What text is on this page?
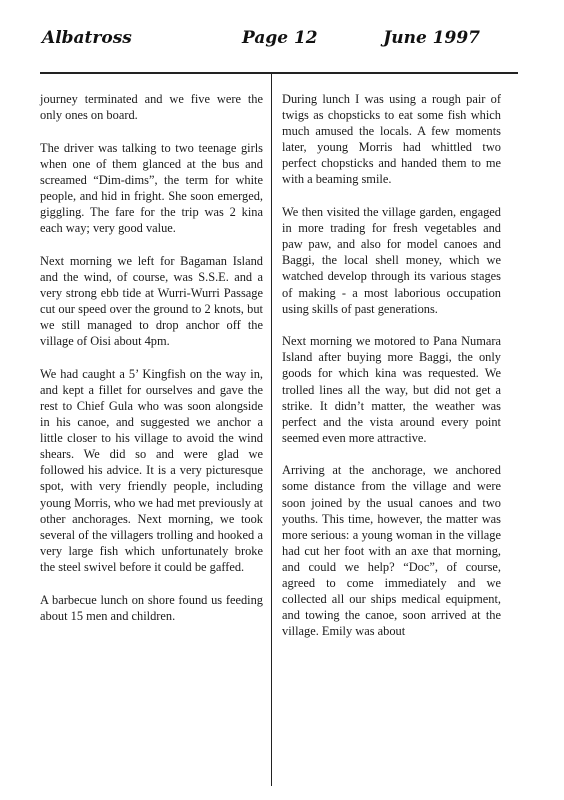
Albatross	Page 12	June 1997

journey terminated and we five were the only ones on board.

The driver was talking to two teenage girls when one of them glanced at the bus and screamed “Dim-dims”, the term for white people, and hid in fright. She soon emerged, giggling. The fare for the trip was 2 kina each way; very good value.

Next morning we left for Bagaman Island and the wind, of course, was S.S.E. and a very strong ebb tide at Wurri-Wurri Passage cut our speed over the ground to 2 knots, but we still managed to drop anchor off the village of Oisi about 4pm.

We had caught a 5’ Kingfish on the way in, and kept a fillet for ourselves and gave the rest to Chief Gula who was soon alongside in his canoe, and suggested we anchor a little closer to his village to avoid the wind shears. We did so and were glad we followed his advice. It is a very picturesque spot, with very friendly people, including young Morris, who we had met previously at other anchorages. Next morning, we took several of the villagers trolling and hooked a very large fish which unfortunately broke the steel swivel before it could be gaffed.

A barbecue lunch on shore found us feeding about 15 men and children.

During lunch I was using a rough pair of twigs as chopsticks to eat some fish which much amused the locals. A few moments later, young Morris had whittled two perfect chopsticks and handed them to me with a beaming smile.

We then visited the village garden, engaged in more trading for fresh vegetables and paw paw, and also for model canoes and Baggi, the local shell money, which we watched develop through its various stages of making - a most laborious occupation using skills of past generations.

Next morning we motored to Pana Numara Island after buying more Baggi, the only goods for which kina was requested. We trolled lines all the way, but did not get a strike. It didn’t matter, the weather was perfect and the vista around every point seemed even more attractive.

Arriving at the anchorage, we anchored some distance from the village and were soon joined by the usual canoes and two youths. This time, however, the matter was more serious: a young woman in the village had cut her foot with an axe that morning, and could we help? “Doc”, of course, agreed to come immediately and we collected all our ships medical equipment, and towing the canoe, soon arrived at the village. Emily was about
